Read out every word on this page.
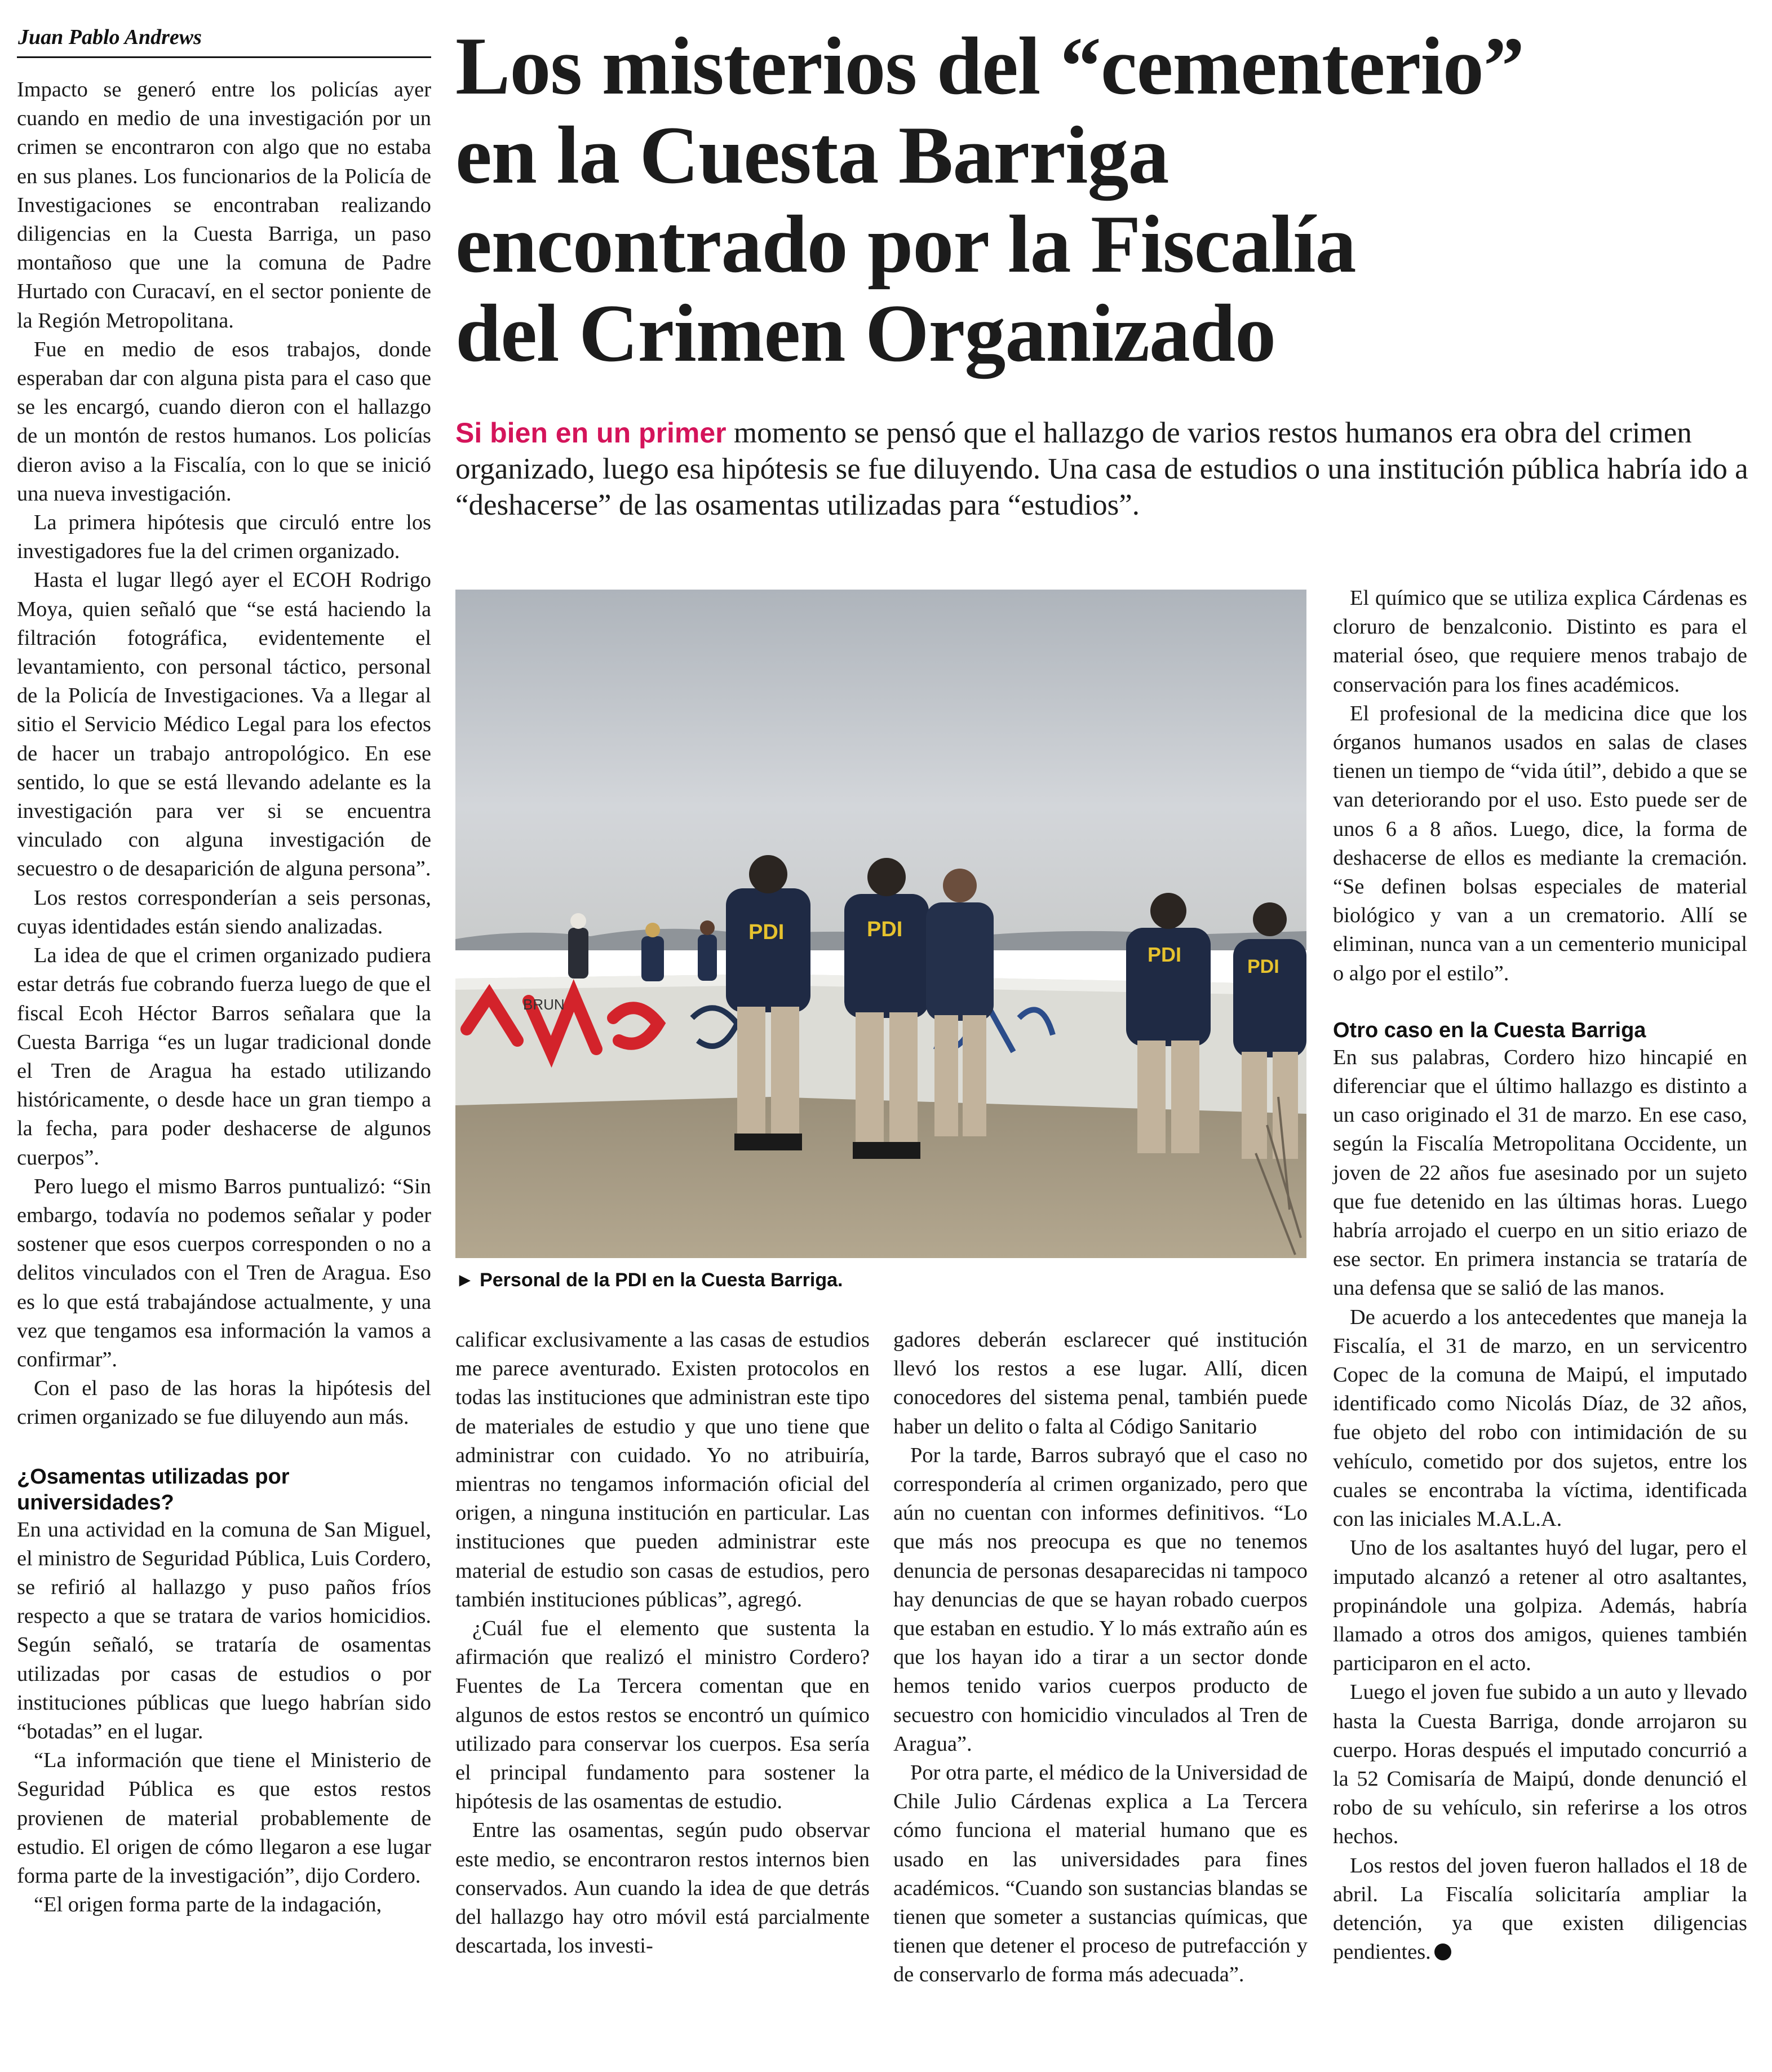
Juan Pablo Andrews	Los misterios del “cementerio”
en la Cuesta Barriga
encontrado por la Fiscalía
del Crimen Organizado
Si bien en un primer momento se pensó que el hallazgo de varios restos humanos era obra del crimen organizado, luego esa hipótesis se fue diluyendo. Una casa de estudios o una institución pública habría ido a “deshacerse” de las osamentas utilizadas para “estudios”.

Impacto se generó entre los policías ayer cuando en medio de una investigación por un crimen se encontraron con algo que no estaba en sus planes. Los funcionarios de la Policía de Investigaciones se encontraban realizando diligencias en la Cuesta Barriga, un paso montañoso que une la comuna de Padre Hurtado con Curacaví, en el sector poniente de la Región Metropolitana.

Fue en medio de esos trabajos, donde esperaban dar con alguna pista para el caso que se les encargó, cuando dieron con el hallazgo de un montón de restos humanos. Los policías dieron aviso a la Fiscalía, con lo que se inició una nueva investigación.

La primera hipótesis que circuló entre los investigadores fue la del crimen organizado.

Hasta el lugar llegó ayer el ECOH Rodrigo Moya, quien señaló que “se está haciendo la filtración fotográfica, evidentemente el levantamiento, con personal táctico, personal de la Policía de Investigaciones. Va a llegar al sitio el Servicio Médico Legal para los efectos de hacer un trabajo antropológico. En ese sentido, lo que se está llevando adelante es la investigación para ver si se encuentra vinculado con alguna investigación de secuestro o de desaparición de alguna persona”.

Los restos corresponderían a seis personas, cuyas identidades están siendo analizadas.

La idea de que el crimen organizado pudiera estar detrás fue cobrando fuerza luego de que el fiscal Ecoh Héctor Barros señalara que la Cuesta Barriga “es un lugar tradicional donde el Tren de Aragua ha estado utilizando históricamente, o desde hace un gran tiempo a la fecha, para poder deshacerse de algunos cuerpos”.

Pero luego el mismo Barros puntualizó: “Sin embargo, todavía no podemos señalar y poder sostener que esos cuerpos corresponden o no a delitos vinculados con el Tren de Aragua. Eso es lo que está trabajándose actualmente, y una vez que tengamos esa información la vamos a confirmar”.

Con el paso de las horas la hipótesis del crimen organizado se fue diluyendo aun más.

¿Osamentas utilizadas por universidades?

En una actividad en la comuna de San Miguel, el ministro de Seguridad Pública, Luis Cordero, se refirió al hallazgo y puso paños fríos respecto a que se tratara de varios homicidios. Según señaló, se trataría de osamentas utilizadas por casas de estudios o por instituciones públicas que luego habrían sido “botadas” en el lugar.

“La información que tiene el Ministerio de Seguridad Pública es que estos restos provienen de material probablemente de estudio. El origen de cómo llegaron a ese lugar forma parte de la investigación”, dijo Cordero.

“El origen forma parte de la indagación,

BRUN
PDI	PDI
PDI
PDI
► Personal de la PDI en la Cuesta Barriga.

calificar exclusivamente a las casas de estudios me parece aventurado. Existen protocolos en todas las instituciones que administran este tipo de materiales de estudio y que uno tiene que administrar con cuidado. Yo no atribuiría, mientras no tengamos información oficial del origen, a ninguna institución en particular. Las instituciones que pueden administrar este material de estudio son casas de estudios, pero también instituciones públicas”, agregó.

¿Cuál fue el elemento que sustenta la afirmación que realizó el ministro Cordero? Fuentes de La Tercera comentan que en algunos de estos restos se encontró un químico utilizado para conservar los cuerpos. Esa sería el principal fundamento para sostener la hipótesis de las osamentas de estudio.

Entre las osamentas, según pudo observar este medio, se encontraron restos internos bien conservados. Aun cuando la idea de que detrás del hallazgo hay otro móvil está parcialmente descartada, los investi-

gadores deberán esclarecer qué institución llevó los restos a ese lugar. Allí, dicen conocedores del sistema penal, también puede haber un delito o falta al Código Sanitario

Por la tarde, Barros subrayó que el caso no correspondería al crimen organizado, pero que aún no cuentan con informes definitivos. “Lo que más nos preocupa es que no tenemos denuncia de personas desaparecidas ni tampoco hay denuncias de que se hayan robado cuerpos que estaban en estudio. Y lo más extraño aún es que los hayan ido a tirar a un sector donde hemos tenido varios cuerpos producto de secuestro con homicidio vinculados al Tren de Aragua”.

Por otra parte, el médico de la Universidad de Chile Julio Cárdenas explica a La Tercera cómo funciona el material humano que es usado en las universidades para fines académicos. “Cuando son sustancias blandas se tienen que someter a sustancias químicas, que tienen que detener el proceso de putrefacción y de conservarlo de forma más adecuada”.

El químico que se utiliza explica Cárdenas es cloruro de benzalconio. Distinto es para el material óseo, que requiere menos trabajo de conservación para los fines académicos.

El profesional de la medicina dice que los órganos humanos usados en salas de clases tienen un tiempo de “vida útil”, debido a que se van deteriorando por el uso. Esto puede ser de unos 6 a 8 años. Luego, dice, la forma de deshacerse de ellos es mediante la cremación. “Se definen bolsas especiales de material biológico y van a un crematorio. Allí se eliminan, nunca van a un cementerio municipal o algo por el estilo”.

Otro caso en la Cuesta Barriga

En sus palabras, Cordero hizo hincapié en diferenciar que el último hallazgo es distinto a un caso originado el 31 de marzo. En ese caso, según la Fiscalía Metropolitana Occidente, un joven de 22 años fue asesinado por un sujeto que fue detenido en las últimas horas. Luego habría arrojado el cuerpo en un sitio eriazo de ese sector. En primera instancia se trataría de una defensa que se salió de las manos.

De acuerdo a los antecedentes que maneja la Fiscalía, el 31 de marzo, en un servicentro Copec de la comuna de Maipú, el imputado identificado como Nicolás Díaz, de 32 años, fue objeto del robo con intimidación de su vehículo, cometido por dos sujetos, entre los cuales se encontraba la víctima, identificada con las iniciales M.A.L.A.

Uno de los asaltantes huyó del lugar, pero el imputado alcanzó a retener al otro asaltantes, propinándole una golpiza. Además, habría llamado a otros dos amigos, quienes también participaron en el acto.

Luego el joven fue subido a un auto y llevado hasta la Cuesta Barriga, donde arrojaron su cuerpo. Horas después el imputado concurrió a la 52 Comisaría de Maipú, donde denunció el robo de su vehículo, sin referirse a los otros hechos.

Los restos del joven fueron hallados el 18 de abril. La Fiscalía solicitaría ampliar la detención, ya que existen diligencias pendientes.
